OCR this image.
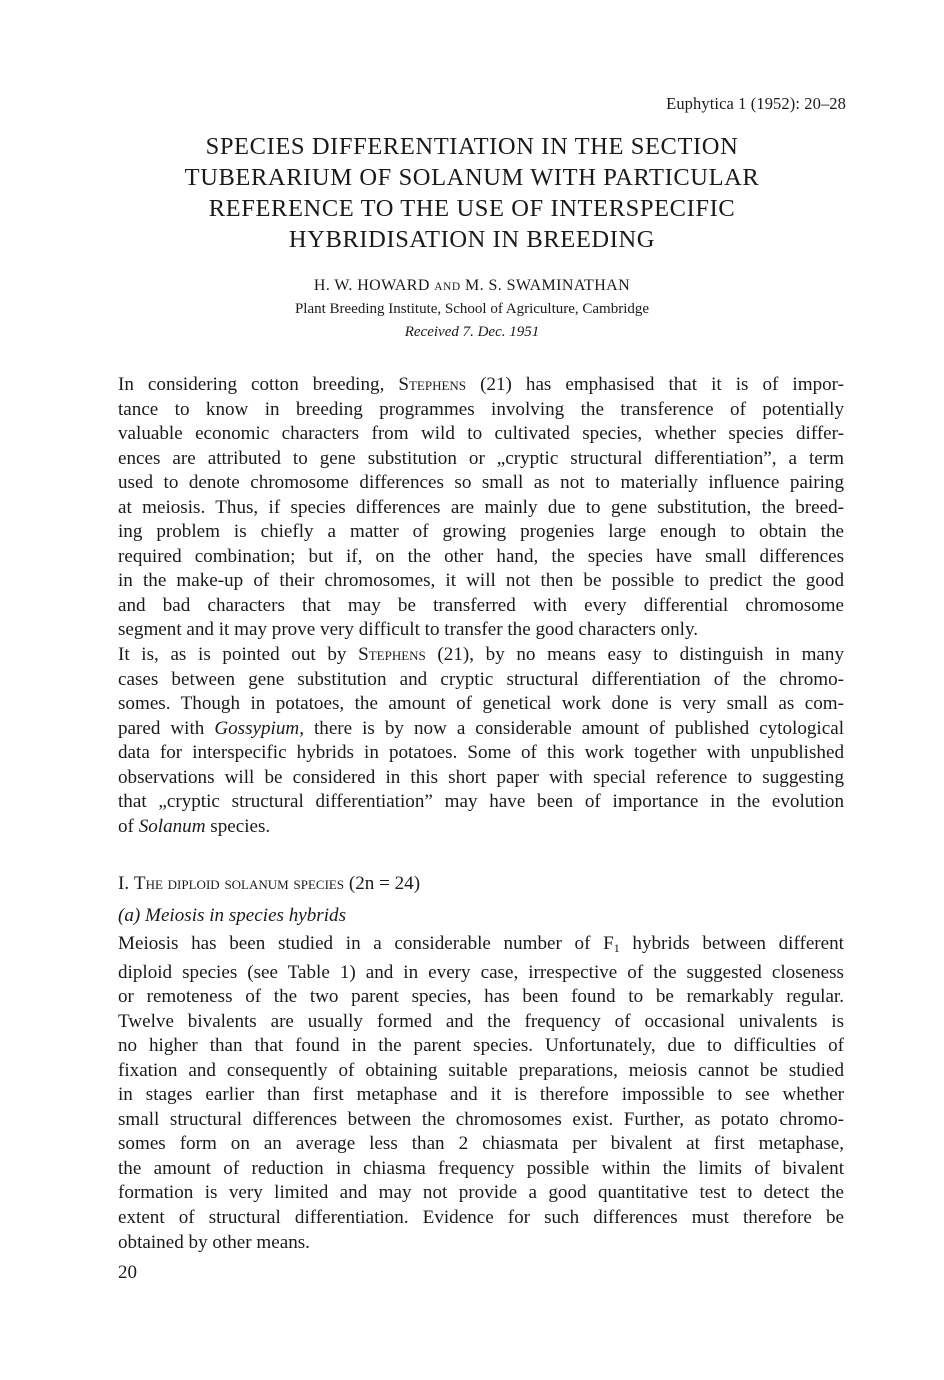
Euphytica 1 (1952): 20–28
SPECIES DIFFERENTIATION IN THE SECTION
TUBERARIUM OF SOLANUM WITH PARTICULAR
REFERENCE TO THE USE OF INTERSPECIFIC
HYBRIDISATION IN BREEDING
H. W. HOWARD AND M. S. SWAMINATHAN
Plant Breeding Institute, School of Agriculture, Cambridge
Received 7. Dec. 1951
In considering cotton breeding, Stephens (21) has emphasised that it is of impor-
tance to know in breeding programmes involving the transference of potentially
valuable economic characters from wild to cultivated species, whether species differ-
ences are attributed to gene substitution or „cryptic structural differentiation”, a term
used to denote chromosome differences so small as not to materially influence pairing
at meiosis. Thus, if species differences are mainly due to gene substitution, the breed-
ing problem is chiefly a matter of growing progenies large enough to obtain the
required combination; but if, on the other hand, the species have small differences
in the make-up of their chromosomes, it will not then be possible to predict the good
and bad characters that may be transferred with every differential chromosome
segment and it may prove very difficult to transfer the good characters only.
It is, as is pointed out by Stephens (21), by no means easy to distinguish in many
cases between gene substitution and cryptic structural differentiation of the chromo-
somes. Though in potatoes, the amount of genetical work done is very small as com-
pared with Gossypium, there is by now a considerable amount of published cytological
data for interspecific hybrids in potatoes. Some of this work together with unpublished
observations will be considered in this short paper with special reference to suggesting
that „cryptic structural differentiation” may have been of importance in the evolution
of Solanum species.
I. The diploid solanum species (2n = 24)
(a) Meiosis in species hybrids
Meiosis has been studied in a considerable number of $F_1$ hybrids between different
diploid species (see Table 1) and in every case, irrespective of the suggested closeness
or remoteness of the two parent species, has been found to be remarkably regular.
Twelve bivalents are usually formed and the frequency of occasional univalents is
no higher than that found in the parent species. Unfortunately, due to difficulties of
fixation and consequently of obtaining suitable preparations, meiosis cannot be studied
in stages earlier than first metaphase and it is therefore impossible to see whether
small structural differences between the chromosomes exist. Further, as potato chromo-
somes form on an average less than 2 chiasmata per bivalent at first metaphase,
the amount of reduction in chiasma frequency possible within the limits of bivalent
formation is very limited and may not provide a good quantitative test to detect the
extent of structural differentiation. Evidence for such differences must therefore be
obtained by other means.
20
